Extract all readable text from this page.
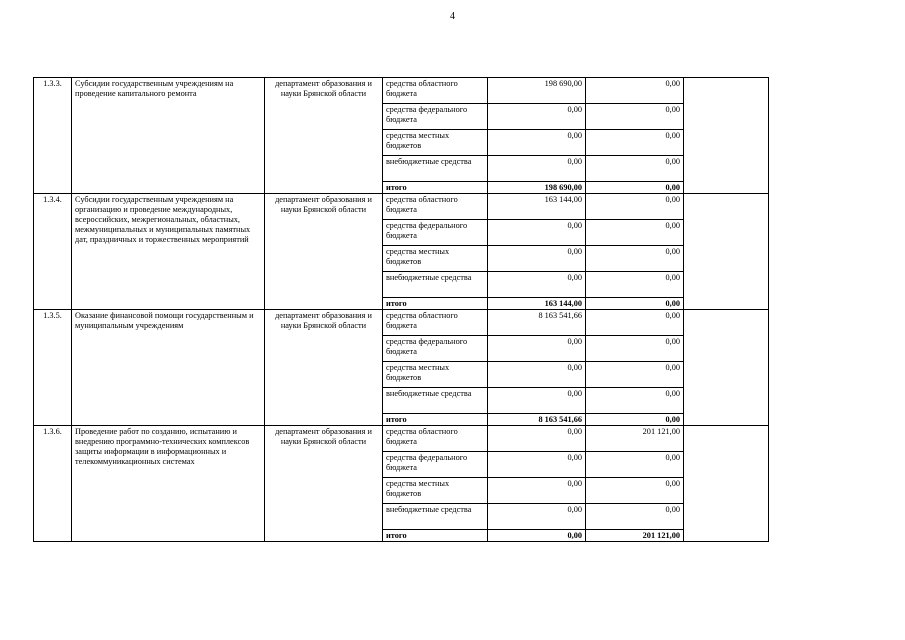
4
1.3.3.	Субсидии государственным учреждениям на проведение капитального ремонта	департамент образования и науки Брянской области	средства областного бюджета	198 690,00	0,00	
			средства федерального бюджета	0,00	0,00	
			средства местных бюджетов	0,00	0,00	
			внебюджетные средства	0,00	0,00	
			итого	198 690,00	0,00	
1.3.4.	Субсидии государственным учреждениям на организацию и проведение международных, всероссийских, межрегиональных, областных, межмуниципальных и муниципальных памятных дат, праздничных и торжественных мероприятий	департамент образования и науки Брянской области	средства областного бюджета	163 144,00	0,00	
			средства федерального бюджета	0,00	0,00	
			средства местных бюджетов	0,00	0,00	
			внебюджетные средства	0,00	0,00	
			итого	163 144,00	0,00	
1.3.5.	Оказание финансовой помощи государственным и муниципальным учреждениям	департамент образования и науки Брянской области	средства областного бюджета	8 163 541,66	0,00	
			средства федерального бюджета	0,00	0,00	
			средства местных бюджетов	0,00	0,00	
			внебюджетные средства	0,00	0,00	
			итого	8 163 541,66	0,00	
1.3.6.	Проведение работ по созданию, испытанию и внедрению программно-технических комплексов защиты информации в информационных и телекоммуникационных системах	департамент образования и науки Брянской области	средства областного бюджета	0,00	201 121,00	
			средства федерального бюджета	0,00	0,00	
			средства местных бюджетов	0,00	0,00	
			внебюджетные средства	0,00	0,00	
			итого	0,00	201 121,00	
